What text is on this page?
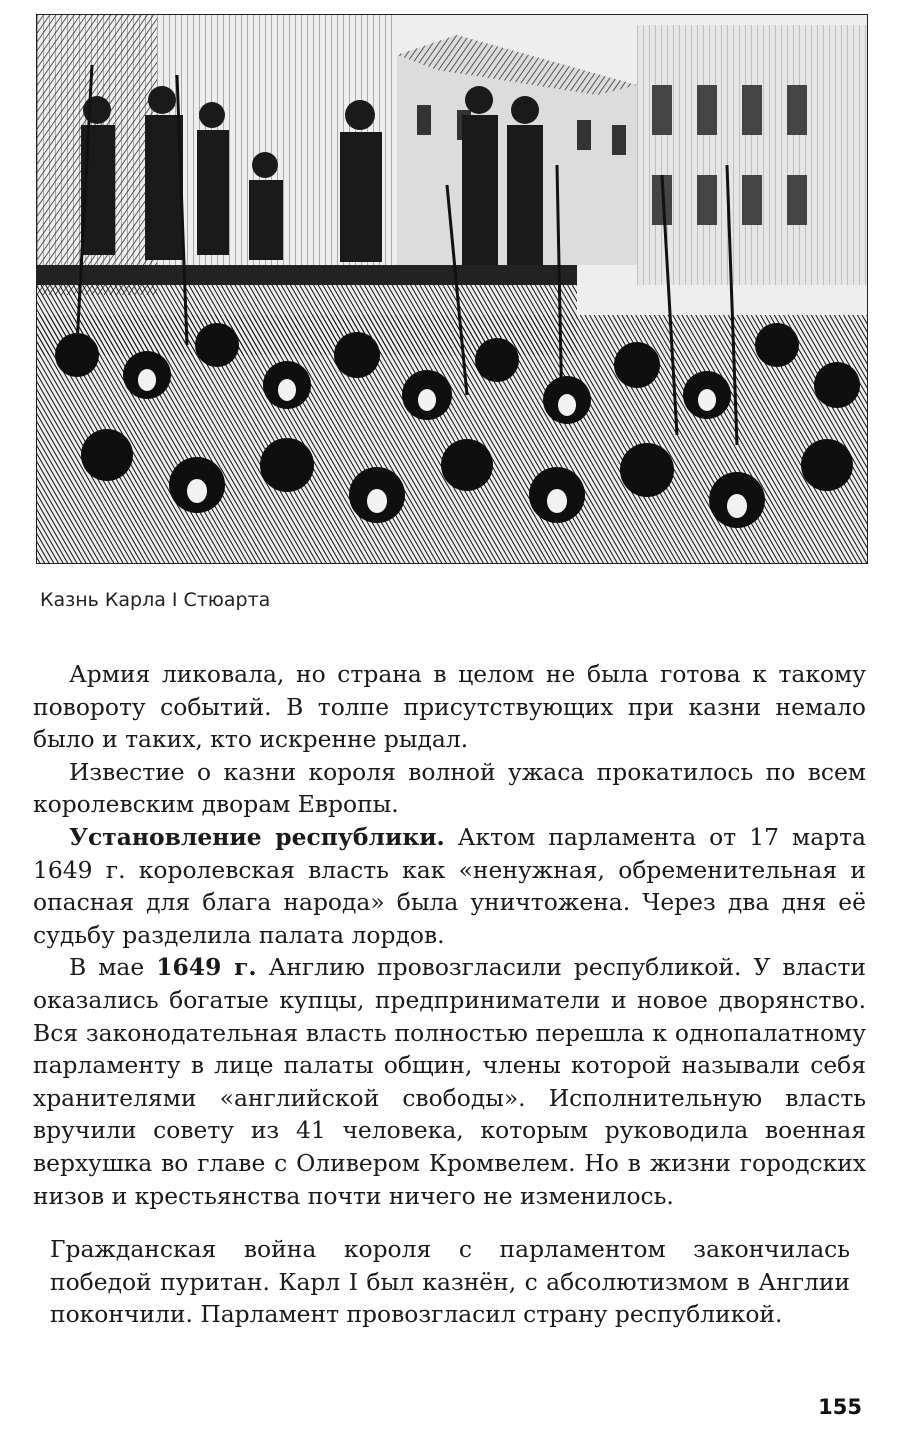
Казнь Карла I Стюарта

Армия ликовала, но страна в целом не была готова к такому повороту событий. В толпе присутствующих при казни немало было и таких, кто искренне рыдал.

Известие о казни короля волной ужаса прокатилось по всем королевским дворам Европы.

Установление республики. Актом парламента от 17 марта 1649 г. королевская власть как «ненужная, обременительная и опасная для блага народа» была уничтожена. Через два дня её судьбу разделила палата лордов.

В мае 1649 г. Англию провозгласили республикой. У власти оказались богатые купцы, предприниматели и новое дворянство. Вся законодательная власть полностью перешла к однопалатному парламенту в лице палаты общин, члены которой называли себя хранителями «английской свободы». Исполнительную власть вручили совету из 41 человека, которым руководила военная верхушка во главе с Оливером Кромвелем. Но в жизни городских низов и крестьянства почти ничего не изменилось.

Гражданская война короля с парламентом закончилась победой пуритан. Карл I был казнён, с абсолютизмом в Англии покончили. Парламент провозгласил страну республикой.
155
